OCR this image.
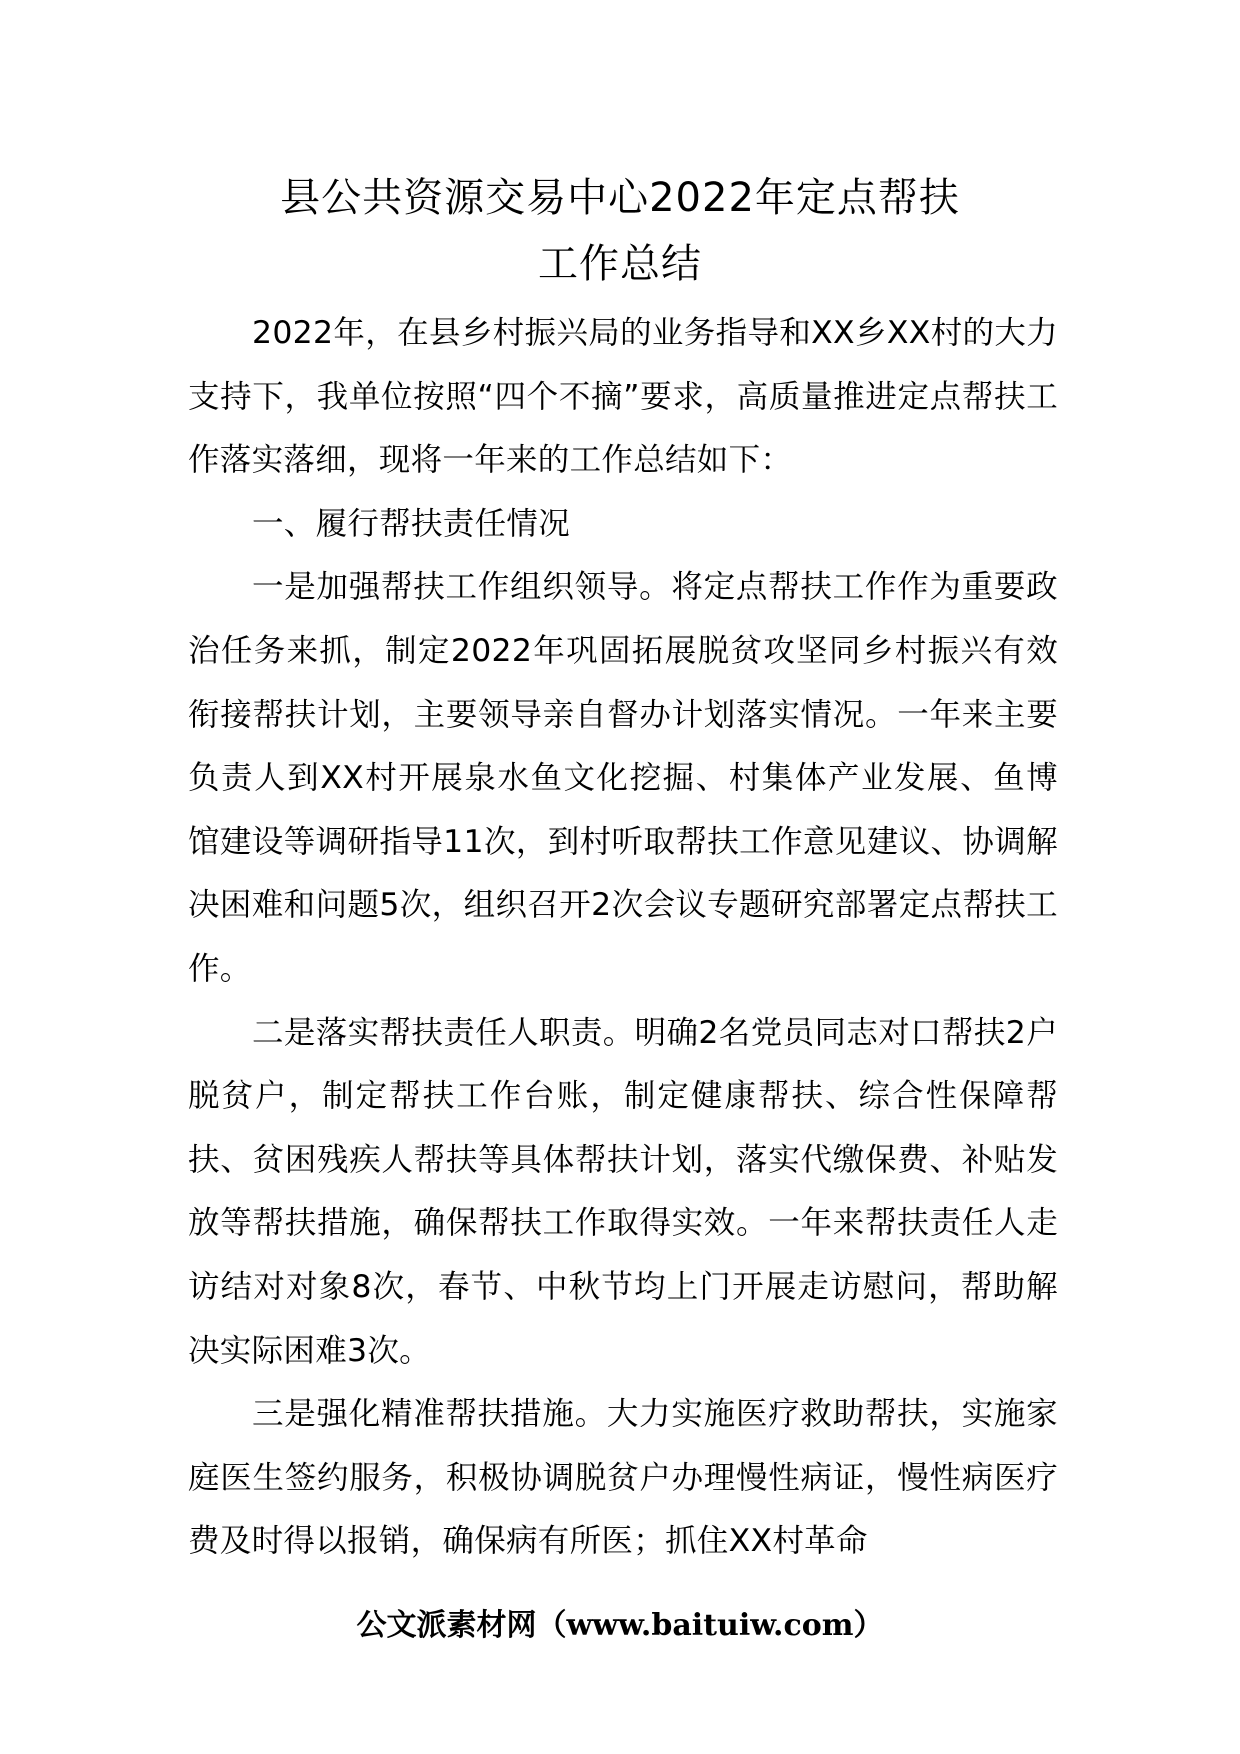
县公共资源交易中心2022年定点帮扶
工作总结

2022年，在县乡村振兴局的业务指导和XX乡XX村的大力支持下，我单位按照“四个不摘”要求，高质量推进定点帮扶工作落实落细，现将一年来的工作总结如下：

一、履行帮扶责任情况

一是加强帮扶工作组织领导。将定点帮扶工作作为重要政治任务来抓，制定2022年巩固拓展脱贫攻坚同乡村振兴有效衔接帮扶计划，主要领导亲自督办计划落实情况。一年来主要负责人到XX村开展泉水鱼文化挖掘、村集体产业发展、鱼博馆建设等调研指导11次，到村听取帮扶工作意见建议、协调解决困难和问题5次，组织召开2次会议专题研究部署定点帮扶工作。

二是落实帮扶责任人职责。明确2名党员同志对口帮扶2户脱贫户，制定帮扶工作台账，制定健康帮扶、综合性保障帮扶、贫困残疾人帮扶等具体帮扶计划，落实代缴保费、补贴发放等帮扶措施，确保帮扶工作取得实效。一年来帮扶责任人走访结对对象8次，春节、中秋节均上门开展走访慰问，帮助解决实际困难3次。

三是强化精准帮扶措施。大力实施医疗救助帮扶，实施家庭医生签约服务，积极协调脱贫户办理慢性病证，慢性病医疗费及时得以报销，确保病有所医；抓住XX村革命

公文派素材网（www.baituiw.com）
